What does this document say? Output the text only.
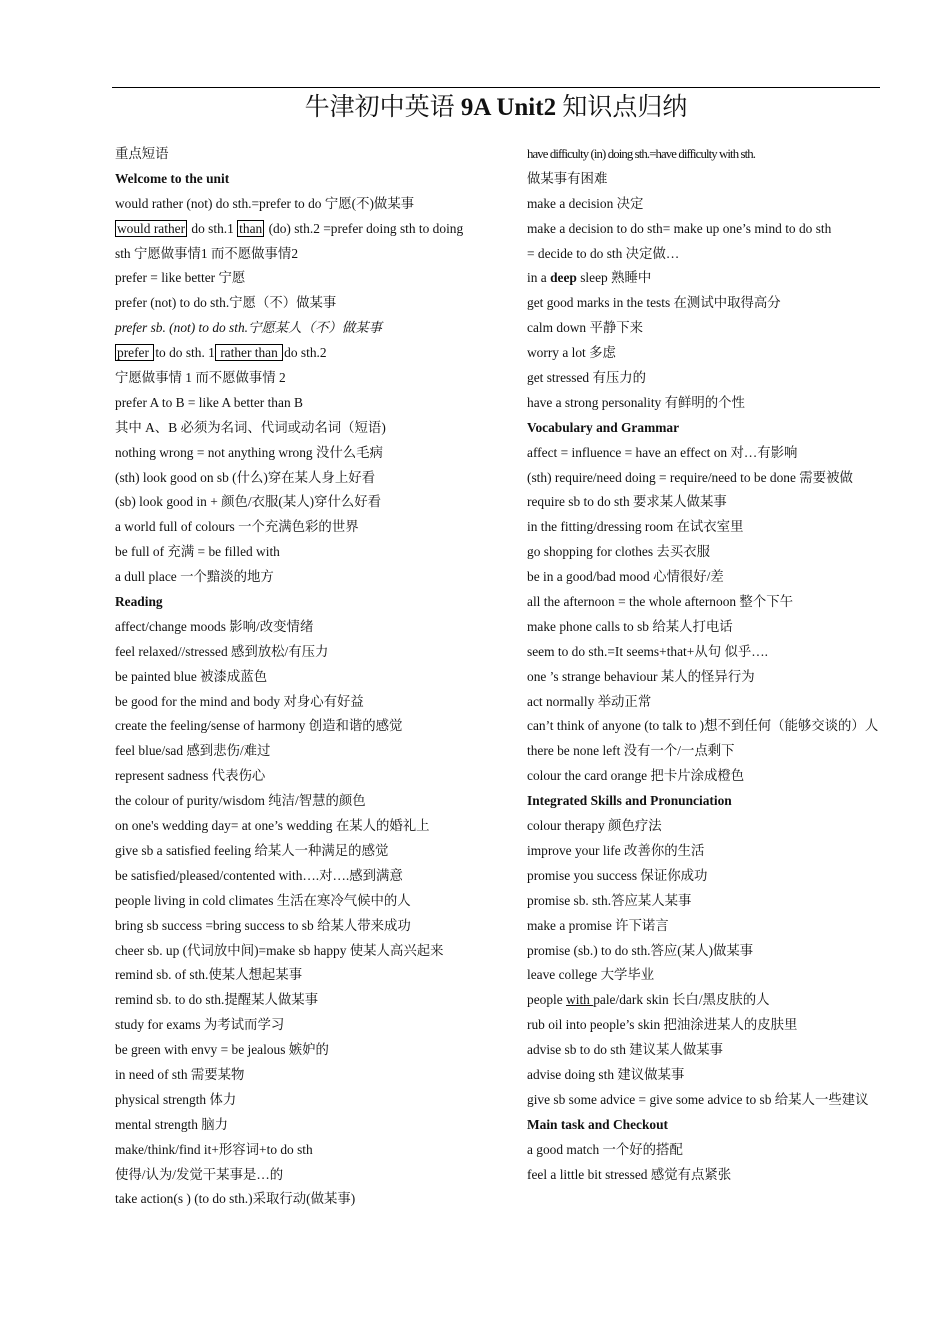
牛津初中英语 9A Unit2 知识点归纳
重点短语
Welcome to the unit
would rather (not) do sth.=prefer to do 宁愿(不)做某事
would rather do sth.1 than (do) sth.2 =prefer doing sth to doing
sth 宁愿做事情1 而不愿做事情2
prefer = like better 宁愿
prefer (not) to do sth.宁愿（不）做某事
prefer sb. (not) to do sth.宁愿某人（不）做某事
prefer to do sth. 1 rather than do sth.2
宁愿做事情 1 而不愿做事情 2
prefer A to B = like A better than B
其中 A、B 必须为名词、代词或动名词（短语)
nothing wrong = not anything wrong 没什么毛病
(sth) look good on sb (什么)穿在某人身上好看
(sb) look good in + 颜色/衣服(某人)穿什么好看
a world full of colours 一个充满色彩的世界
be full of 充满 = be filled with
a dull place 一个黯淡的地方
Reading
affect/change moods 影响/改变情绪
feel relaxed//stressed 感到放松/有压力
be painted blue 被漆成蓝色
be good for the mind and body 对身心有好益
create the feeling/sense of harmony 创造和谐的感觉
feel blue/sad 感到悲伤/难过
represent sadness 代表伤心
the colour of purity/wisdom 纯洁/智慧的颜色
on one's wedding day= at one’s wedding 在某人的婚礼上
give sb a satisfied feeling 给某人一种满足的感觉
be satisfied/pleased/contented with….对….感到满意
people living in cold climates 生活在寒冷气候中的人
bring sb success =bring success to sb 给某人带来成功
cheer sb. up (代词放中间)=make sb happy 使某人高兴起来
remind sb. of sth.使某人想起某事
remind sb. to do sth.提醒某人做某事
study for exams 为考试而学习
be green with envy = be jealous 嫉妒的
in need of sth 需要某物
physical strength 体力
mental strength 脑力
make/think/find it+形容词+to do sth
使得/认为/发觉干某事是…的
take action(s ) (to do sth.)采取行动(做某事)
have difficulty (in) doing sth.=have difficulty with sth.
做某事有困难
make a decision 决定
make a decision to do sth= make up one’s mind to do sth
= decide to do sth 决定做…
in a deep sleep 熟睡中
get good marks in the tests 在测试中取得高分
calm down 平静下来
worry a lot 多虑
get stressed 有压力的
have a strong personality 有鲜明的个性
Vocabulary and Grammar
affect = influence = have an effect on 对…有影响
(sth) require/need doing = require/need to be done 需要被做
require sb to do sth 要求某人做某事
in the fitting/dressing room 在试衣室里
go shopping for clothes 去买衣服
be in a good/bad mood 心情很好/差
all the afternoon = the whole afternoon 整个下午
make phone calls to sb 给某人打电话
seem to do sth.=It seems+that+从句 似乎….
one ’s strange behaviour 某人的怪异行为
act normally 举动正常
can’t think of anyone (to talk to )想不到任何（能够交谈的）人
there be none left 没有一个/一点剩下
colour the card orange 把卡片涂成橙色
Integrated Skills and Pronunciation
colour therapy 颜色疗法
improve your life 改善你的生活
promise you success 保证你成功
promise sb. sth.答应某人某事
make a promise 许下诺言
promise (sb.) to do sth.答应(某人)做某事
leave college 大学毕业
people with pale/dark skin 长白/黑皮肤的人
rub oil into people’s skin 把油涂进某人的皮肤里
advise sb to do sth 建议某人做某事
advise doing sth 建议做某事
give sb some advice = give some advice to sb 给某人一些建议
Main task and Checkout
a good match 一个好的搭配
feel a little bit stressed 感觉有点紧张
